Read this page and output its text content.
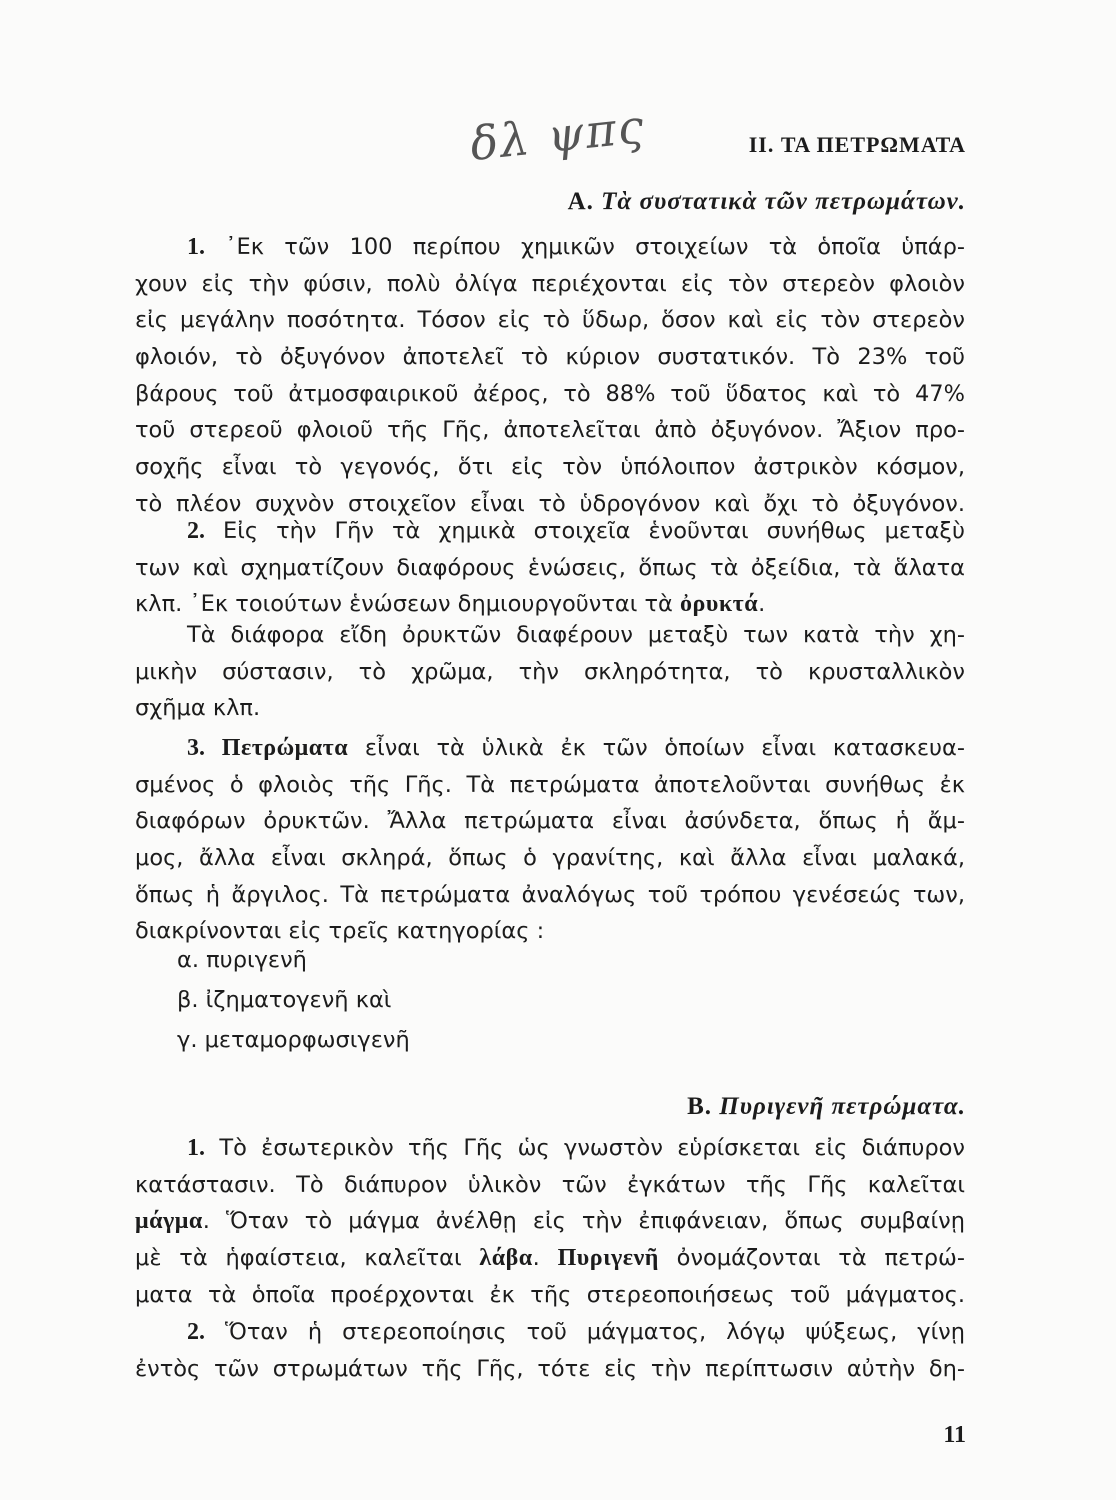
δλ ψπς	II. ΤΑ ΠΕΤΡΩΜΑΤΑ
Α. Τὰ συστατικὰ τῶν πετρωμάτων.
1. ᾿Εκ τῶν 100 περίπου χημικῶν στοιχείων τὰ ὁποῖα ὑπάρ-
χουν εἰς τὴν φύσιν, πολὺ ὀλίγα περιέχονται εἰς τὸν στερεὸν φλοιὸν
εἰς μεγάλην ποσότητα. Τόσον εἰς τὸ ὕδωρ, ὅσον καὶ εἰς τὸν στερεὸν
φλοιόν, τὸ ὀξυγόνον ἀποτελεῖ τὸ κύριον συστατικόν. Τὸ 23% τοῦ
βάρους τοῦ ἀτμοσφαιρικοῦ ἀέρος, τὸ 88% τοῦ ὕδατος καὶ τὸ 47%
τοῦ στερεοῦ φλοιοῦ τῆς Γῆς, ἀποτελεῖται ἀπὸ ὀξυγόνον. Ἄξιον προ-
σοχῆς εἶναι τὸ γεγονός, ὅτι εἰς τὸν ὑπόλοιπον ἀστρικὸν κόσμον,
τὸ πλέον συχνὸν στοιχεῖον εἶναι τὸ ὑδρογόνον καὶ ὄχι τὸ ὀξυγόνον.
2. Εἰς τὴν Γῆν τὰ χημικὰ στοιχεῖα ἑνοῦνται συνήθως μεταξὺ
των καὶ σχηματίζουν διαφόρους ἑνώσεις, ὅπως τὰ ὀξείδια, τὰ ἅλατα
κλπ. ᾿Εκ τοιούτων ἑνώσεων δημιουργοῦνται τὰ ὀρυκτά.
Τὰ διάφορα εἴδη ὀρυκτῶν διαφέρουν μεταξὺ των κατὰ τὴν χη-
μικὴν σύστασιν, τὸ χρῶμα, τὴν σκληρότητα, τὸ κρυσταλλικὸν
σχῆμα κλπ.
3. Πετρώματα εἶναι τὰ ὑλικὰ ἐκ τῶν ὁποίων εἶναι κατασκευα-
σμένος ὁ φλοιὸς τῆς Γῆς. Τὰ πετρώματα ἀποτελοῦνται συνήθως ἐκ
διαφόρων ὀρυκτῶν. Ἄλλα πετρώματα εἶναι ἀσύνδετα, ὅπως ἡ ἄμ-
μος, ἄλλα εἶναι σκληρά, ὅπως ὁ γρανίτης, καὶ ἄλλα εἶναι μαλακά,
ὅπως ἡ ἄργιλος. Τὰ πετρώματα ἀναλόγως τοῦ τρόπου γενέσεώς των,
διακρίνονται εἰς τρεῖς κατηγορίας :
α. πυριγενῆ
β. ἰζηματογενῆ καὶ
γ. μεταμορφωσιγενῆ
Β. Πυριγενῆ πετρώματα.
1. Τὸ ἐσωτερικὸν τῆς Γῆς ὡς γνωστὸν εὑρίσκεται εἰς διάπυρον
κατάστασιν. Τὸ διάπυρον ὑλικὸν τῶν ἐγκάτων τῆς Γῆς καλεῖται
μάγμα. Ὅταν τὸ μάγμα ἀνέλθῃ εἰς τὴν ἐπιφάνειαν, ὅπως συμβαίνῃ
μὲ τὰ ἡφαίστεια, καλεῖται λάβα. Πυριγενῆ ὀνομάζονται τὰ πετρώ-
ματα τὰ ὁποῖα προέρχονται ἐκ τῆς στερεοποιήσεως τοῦ μάγματος.
2. Ὅταν ἡ στερεοποίησις τοῦ μάγματος, λόγῳ ψύξεως, γίνῃ
ἐντὸς τῶν στρωμάτων τῆς Γῆς, τότε εἰς τὴν περίπτωσιν αὐτὴν δη-
11
